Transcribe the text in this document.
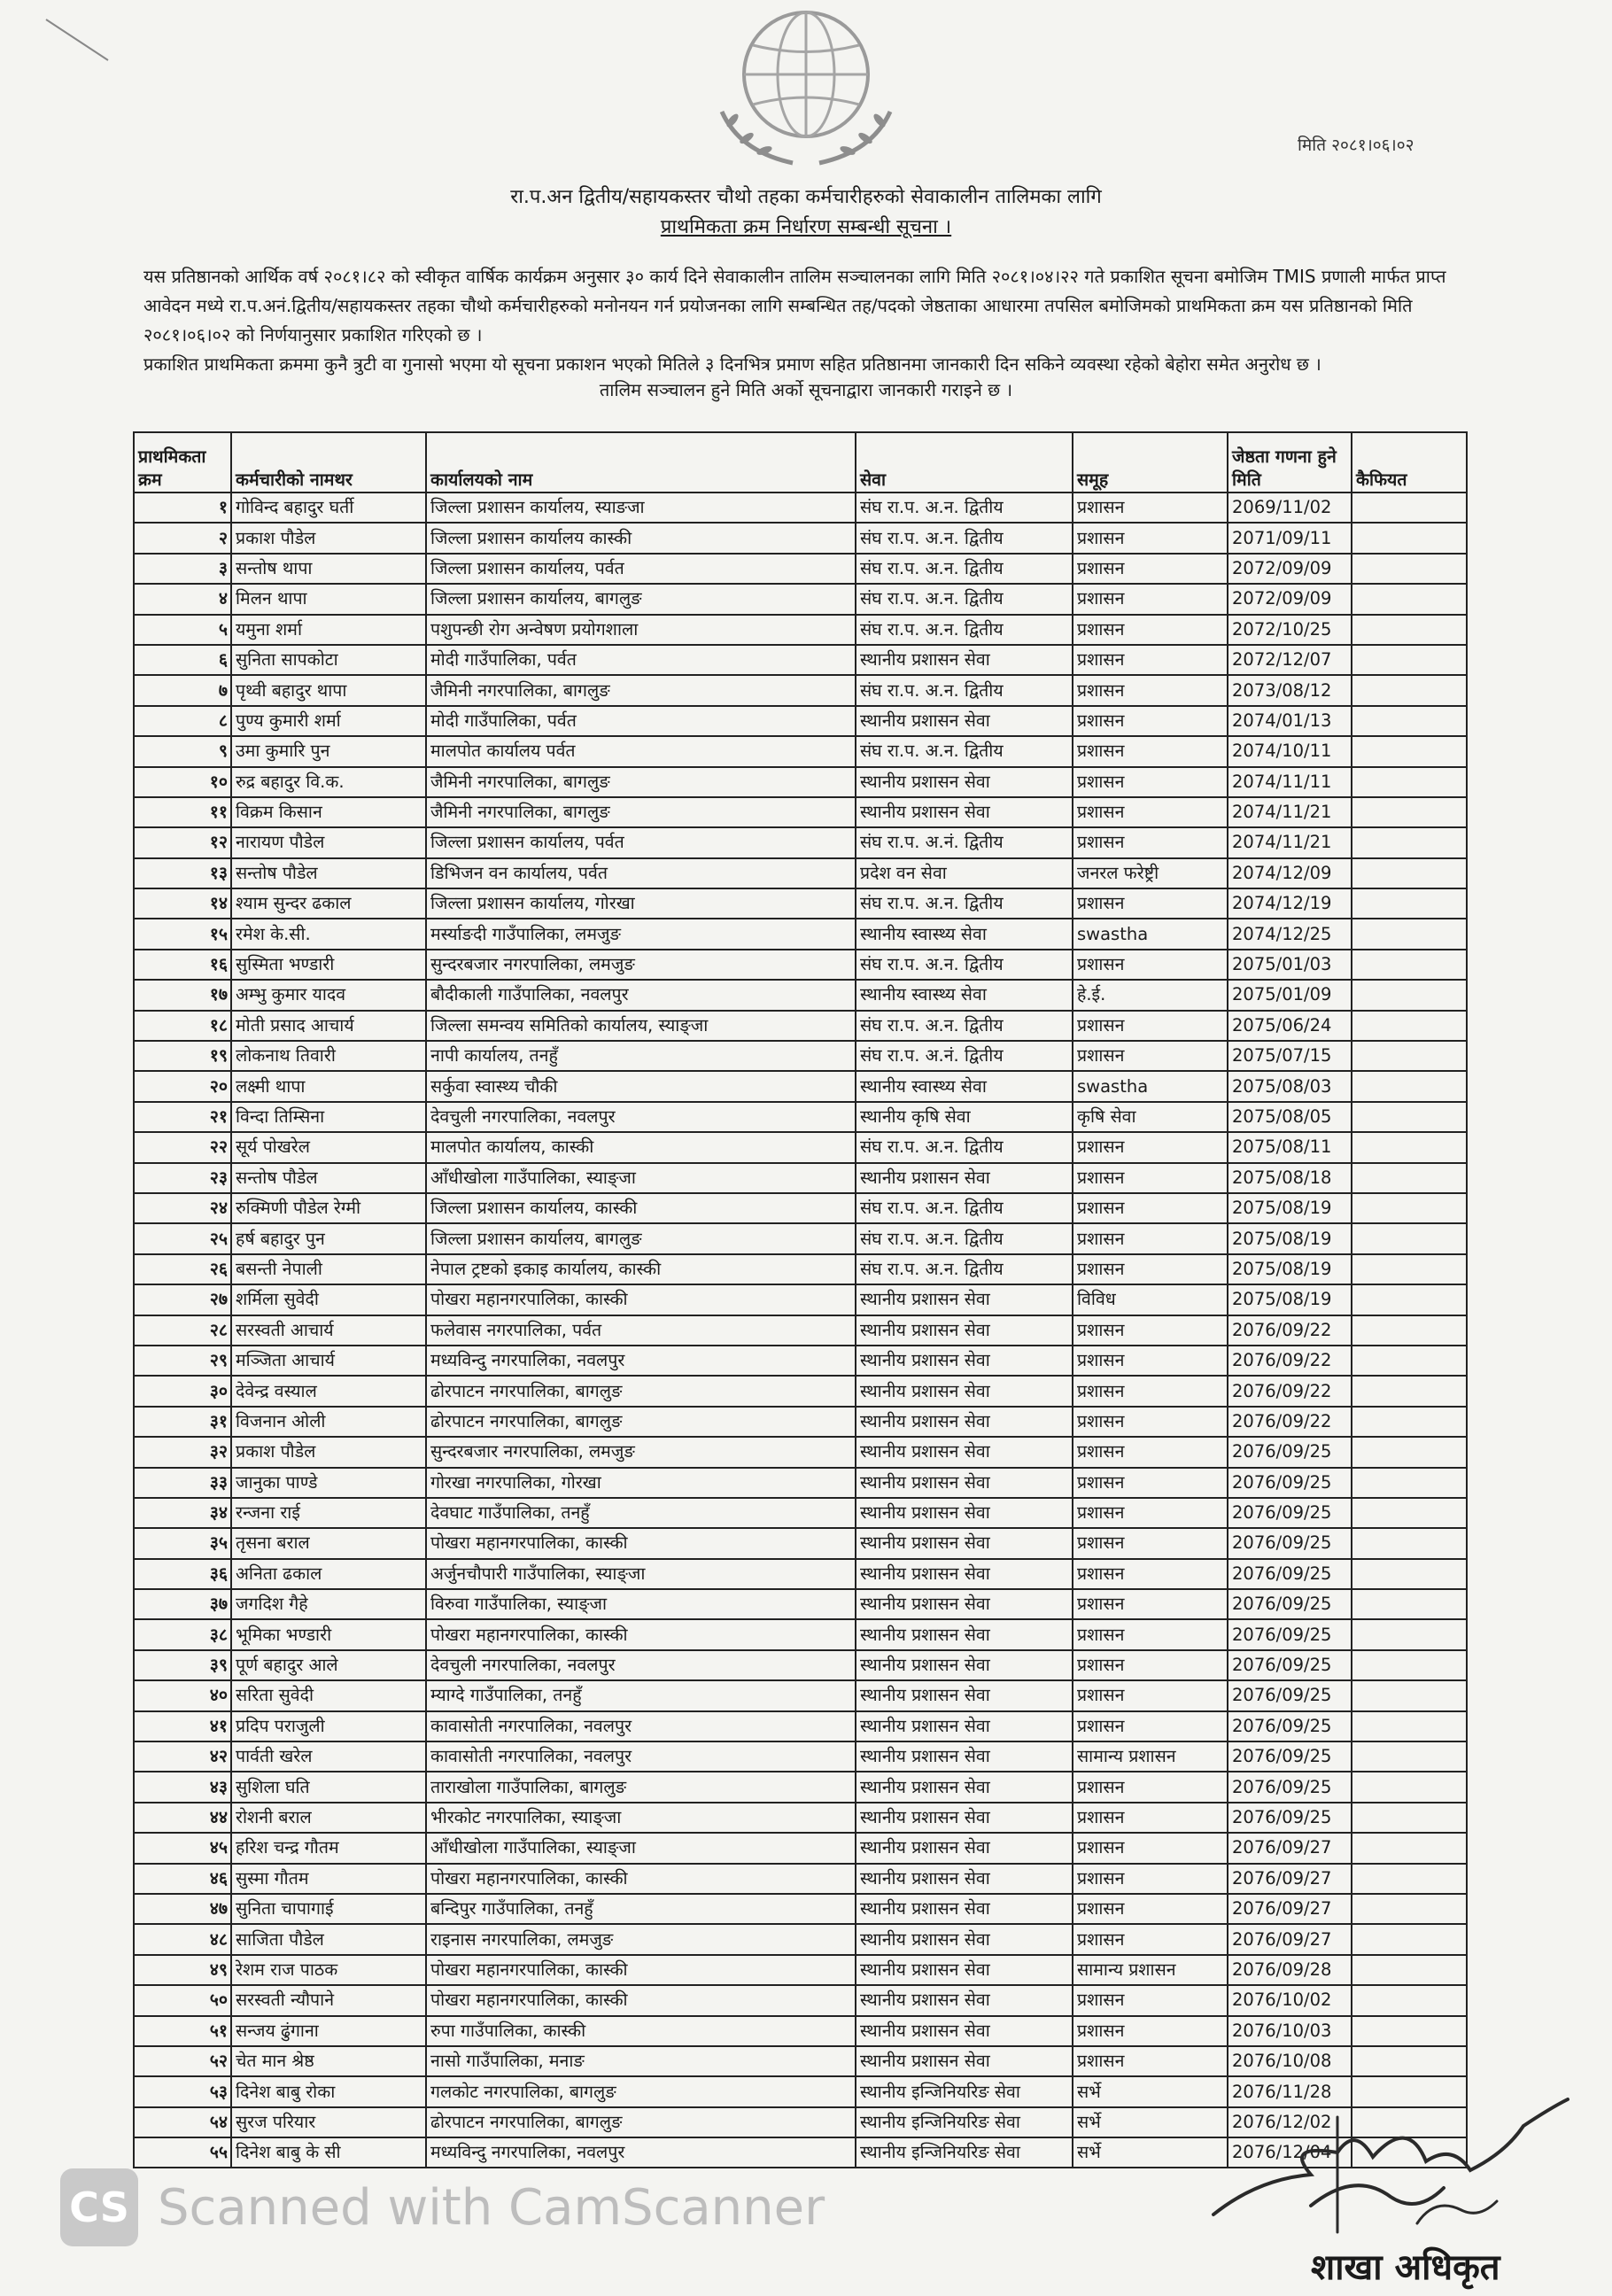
मिति २०८१।०६।०२
रा.प.अन द्वितीय/सहायकस्तर चौथो तहका कर्मचारीहरुको सेवाकालीन तालिमका लागि
प्राथमिकता क्रम निर्धारण सम्बन्धी सूचना ।

यस प्रतिष्ठानको आर्थिक वर्ष २०८१।८२ को स्वीकृत वार्षिक कार्यक्रम अनुसार ३० कार्य दिने सेवाकालीन तालिम सञ्चालनका लागि मिति २०८१।०४।२२ गते प्रकाशित सूचना बमोजिम TMIS प्रणाली मार्फत प्राप्त आवेदन मध्ये रा.प.अनं.द्वितीय/सहायकस्तर तहका चौथो कर्मचारीहरुको मनोनयन गर्न प्रयोजनका लागि सम्बन्धित तह/पदको जेष्ठताका आधारमा तपसिल बमोजिमको प्राथमिकता क्रम यस प्रतिष्ठानको मिति २०८१।०६।०२ को निर्णयानुसार प्रकाशित गरिएको छ ।

प्रकाशित प्राथमिकता क्रममा कुनै त्रुटी वा गुनासो भएमा यो सूचना प्रकाशन भएको मितिले ३ दिनभित्र प्रमाण सहित प्रतिष्ठानमा जानकारी दिन सकिने व्यवस्था रहेको बेहोरा समेत अनुरोध छ ।

तालिम सञ्चालन हुने मिति अर्को सूचनाद्वारा जानकारी गराइने छ ।
प्राथमिकता क्रम	कर्मचारीको नामथर	कार्यालयको नाम	सेवा	समूह	जेष्ठता गणना हुने मिति	कैफियत
१	गोविन्द बहादुर घर्ती	जिल्ला प्रशासन कार्यालय, स्याङजा	संघ रा.प. अ.न. द्वितीय	प्रशासन	2069/11/02	
२	प्रकाश पौडेल	जिल्ला प्रशासन कार्यालय कास्की	संघ रा.प. अ.न. द्वितीय	प्रशासन	2071/09/11	
३	सन्तोष थापा	जिल्ला प्रशासन कार्यालय, पर्वत	संघ रा.प. अ.न. द्वितीय	प्रशासन	2072/09/09	
४	मिलन थापा	जिल्ला प्रशासन कार्यालय, बागलुङ	संघ रा.प. अ.न. द्वितीय	प्रशासन	2072/09/09	
५	यमुना शर्मा	पशुपन्छी रोग अन्वेषण प्रयोगशाला	संघ रा.प. अ.न. द्वितीय	प्रशासन	2072/10/25	
६	सुनिता सापकोटा	मोदी गाउँपालिका, पर्वत	स्थानीय प्रशासन सेवा	प्रशासन	2072/12/07	
७	पृथ्वी बहादुर थापा	जैमिनी नगरपालिका, बागलुङ	संघ रा.प. अ.न. द्वितीय	प्रशासन	2073/08/12	
८	पुण्य कुमारी शर्मा	मोदी गाउँपालिका, पर्वत	स्थानीय प्रशासन सेवा	प्रशासन	2074/01/13	
९	उमा कुमारि पुन	मालपोत कार्यालय पर्वत	संघ रा.प. अ.न. द्वितीय	प्रशासन	2074/10/11	
१०	रुद्र बहादुर वि.क.	जैमिनी नगरपालिका, बागलुङ	स्थानीय प्रशासन सेवा	प्रशासन	2074/11/11	
११	विक्रम किसान	जैमिनी नगरपालिका, बागलुङ	स्थानीय प्रशासन सेवा	प्रशासन	2074/11/21	
१२	नारायण पौडेल	जिल्ला प्रशासन कार्यालय, पर्वत	संघ रा.प. अ.नं. द्वितीय	प्रशासन	2074/11/21	
१३	सन्तोष पौडेल	डिभिजन वन कार्यालय, पर्वत	प्रदेश वन सेवा	जनरल फरेष्ट्री	2074/12/09	
१४	श्याम सुन्दर ढकाल	जिल्ला प्रशासन कार्यालय, गोरखा	संघ रा.प. अ.न. द्वितीय	प्रशासन	2074/12/19	
१५	रमेश के.सी.	मर्स्याङदी गाउँपालिका, लमजुङ	स्थानीय स्वास्थ्य सेवा	swastha	2074/12/25	
१६	सुस्मिता भण्डारी	सुन्दरबजार नगरपालिका, लमजुङ	संघ रा.प. अ.न. द्वितीय	प्रशासन	2075/01/03	
१७	अम्भु कुमार यादव	बौदीकाली गाउँपालिका, नवलपुर	स्थानीय स्वास्थ्य सेवा	हे.ई.	2075/01/09	
१८	मोती प्रसाद आचार्य	जिल्ला समन्वय समितिको कार्यालय, स्याङ्जा	संघ रा.प. अ.न. द्वितीय	प्रशासन	2075/06/24	
१९	लोकनाथ तिवारी	नापी कार्यालय, तनहुँ	संघ रा.प. अ.नं. द्वितीय	प्रशासन	2075/07/15	
२०	लक्ष्मी थापा	सर्कुवा स्वास्थ्य चौकी	स्थानीय स्वास्थ्य सेवा	swastha	2075/08/03	
२१	विन्दा तिम्सिना	देवचुली नगरपालिका, नवलपुर	स्थानीय कृषि सेवा	कृषि सेवा	2075/08/05	
२२	सूर्य पोखरेल	मालपोत कार्यालय, कास्की	संघ रा.प. अ.न. द्वितीय	प्रशासन	2075/08/11	
२३	सन्तोष पौडेल	आँधीखोला गाउँपालिका, स्याङ्जा	स्थानीय प्रशासन सेवा	प्रशासन	2075/08/18	
२४	रुक्मिणी पौडेल रेग्मी	जिल्ला प्रशासन कार्यालय, कास्की	संघ रा.प. अ.न. द्वितीय	प्रशासन	2075/08/19	
२५	हर्ष बहादुर पुन	जिल्ला प्रशासन कार्यालय, बागलुङ	संघ रा.प. अ.न. द्वितीय	प्रशासन	2075/08/19	
२६	बसन्ती नेपाली	नेपाल ट्रष्टको इकाइ कार्यालय, कास्की	संघ रा.प. अ.न. द्वितीय	प्रशासन	2075/08/19	
२७	शर्मिला सुवेदी	पोखरा महानगरपालिका, कास्की	स्थानीय प्रशासन सेवा	विविध	2075/08/19	
२८	सरस्वती आचार्य	फलेवास नगरपालिका, पर्वत	स्थानीय प्रशासन सेवा	प्रशासन	2076/09/22	
२९	मञ्जिता आचार्य	मध्यविन्दु नगरपालिका, नवलपुर	स्थानीय प्रशासन सेवा	प्रशासन	2076/09/22	
३०	देवेन्द्र वस्याल	ढोरपाटन नगरपालिका, बागलुङ	स्थानीय प्रशासन सेवा	प्रशासन	2076/09/22	
३१	विजनान ओली	ढोरपाटन नगरपालिका, बागलुङ	स्थानीय प्रशासन सेवा	प्रशासन	2076/09/22	
३२	प्रकाश पौडेल	सुन्दरबजार नगरपालिका, लमजुङ	स्थानीय प्रशासन सेवा	प्रशासन	2076/09/25	
३३	जानुका पाण्डे	गोरखा नगरपालिका, गोरखा	स्थानीय प्रशासन सेवा	प्रशासन	2076/09/25	
३४	रन्जना राई	देवघाट गाउँपालिका, तनहुँ	स्थानीय प्रशासन सेवा	प्रशासन	2076/09/25	
३५	तृसना बराल	पोखरा महानगरपालिका, कास्की	स्थानीय प्रशासन सेवा	प्रशासन	2076/09/25	
३६	अनिता ढकाल	अर्जुनचौपारी गाउँपालिका, स्याङ्जा	स्थानीय प्रशासन सेवा	प्रशासन	2076/09/25	
३७	जगदिश गैहे	विरुवा गाउँपालिका, स्याङ्जा	स्थानीय प्रशासन सेवा	प्रशासन	2076/09/25	
३८	भूमिका भण्डारी	पोखरा महानगरपालिका, कास्की	स्थानीय प्रशासन सेवा	प्रशासन	2076/09/25	
३९	पूर्ण बहादुर आले	देवचुली नगरपालिका, नवलपुर	स्थानीय प्रशासन सेवा	प्रशासन	2076/09/25	
४०	सरिता सुवेदी	म्याग्दे गाउँपालिका, तनहुँ	स्थानीय प्रशासन सेवा	प्रशासन	2076/09/25	
४१	प्रदिप पराजुली	कावासोती नगरपालिका, नवलपुर	स्थानीय प्रशासन सेवा	प्रशासन	2076/09/25	
४२	पार्वती खरेल	कावासोती नगरपालिका, नवलपुर	स्थानीय प्रशासन सेवा	सामान्य प्रशासन	2076/09/25	
४३	सुशिला घति	ताराखोला गाउँपालिका, बागलुङ	स्थानीय प्रशासन सेवा	प्रशासन	2076/09/25	
४४	रोशनी बराल	भीरकोट नगरपालिका, स्याङ्जा	स्थानीय प्रशासन सेवा	प्रशासन	2076/09/25	
४५	हरिश चन्द्र गौतम	आँधीखोला गाउँपालिका, स्याङ्जा	स्थानीय प्रशासन सेवा	प्रशासन	2076/09/27	
४६	सुस्मा गौतम	पोखरा महानगरपालिका, कास्की	स्थानीय प्रशासन सेवा	प्रशासन	2076/09/27	
४७	सुनिता चापागाई	बन्दिपुर गाउँपालिका, तनहुँ	स्थानीय प्रशासन सेवा	प्रशासन	2076/09/27	
४८	साजिता पौडेल	राइनास नगरपालिका, लमजुङ	स्थानीय प्रशासन सेवा	प्रशासन	2076/09/27	
४९	रेशम राज पाठक	पोखरा महानगरपालिका, कास्की	स्थानीय प्रशासन सेवा	सामान्य प्रशासन	2076/09/28	
५०	सरस्वती न्यौपाने	पोखरा महानगरपालिका, कास्की	स्थानीय प्रशासन सेवा	प्रशासन	2076/10/02	
५१	सन्जय ढुंगाना	रुपा गाउँपालिका, कास्की	स्थानीय प्रशासन सेवा	प्रशासन	2076/10/03	
५२	चेत मान श्रेष्ठ	नासो गाउँपालिका, मनाङ	स्थानीय प्रशासन सेवा	प्रशासन	2076/10/08	
५३	दिनेश बाबु रोका	गलकोट नगरपालिका, बागलुङ	स्थानीय इन्जिनियरिङ सेवा	सर्भे	2076/11/28	
५४	सुरज परियार	ढोरपाटन नगरपालिका, बागलुङ	स्थानीय इन्जिनियरिङ सेवा	सर्भे	2076/12/02	
५५	दिनेश बाबु के सी	मध्यविन्दु नगरपालिका, नवलपुर	स्थानीय इन्जिनियरिङ सेवा	सर्भे	2076/12/04	
शाखा अधिकृत
CS Scanned with CamScanner
